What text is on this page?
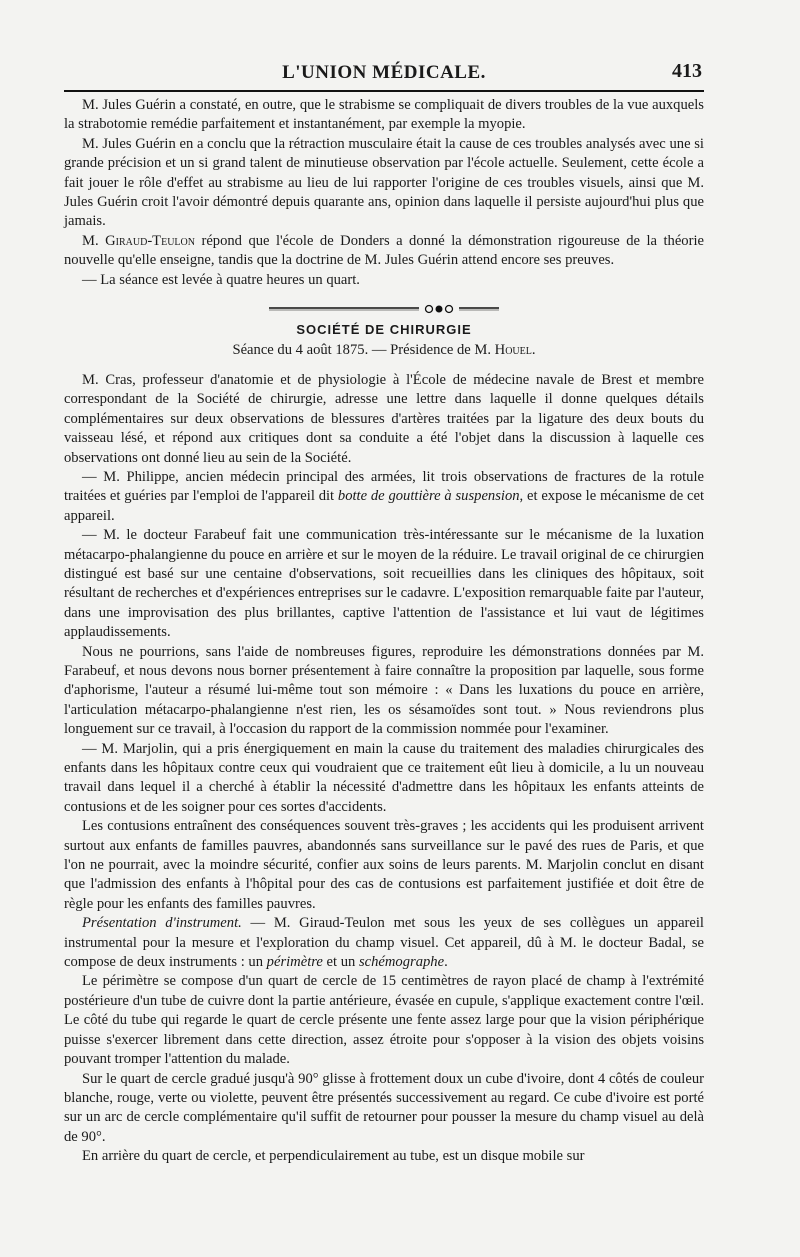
L'UNION MÉDICALE.	413

M. Jules Guérin a constaté, en outre, que le strabisme se compliquait de divers troubles de la vue auxquels la strabotomie remédie parfaitement et instantanément, par exemple la myopie.

M. Jules Guérin en a conclu que la rétraction musculaire était la cause de ces troubles analysés avec une si grande précision et un si grand talent de minutieuse observation par l'école actuelle. Seulement, cette école a fait jouer le rôle d'effet au strabisme au lieu de lui rapporter l'origine de ces troubles visuels, ainsi que M. Jules Guérin croit l'avoir démontré depuis quarante ans, opinion dans laquelle il persiste aujourd'hui plus que jamais.

M. Giraud-Teulon répond que l'école de Donders a donné la démonstration rigoureuse de la théorie nouvelle qu'elle enseigne, tandis que la doctrine de M. Jules Guérin attend encore ses preuves.

— La séance est levée à quatre heures un quart.

SOCIÉTÉ DE CHIRURGIE
Séance du 4 août 1875. — Présidence de M. Houel.

M. Cras, professeur d'anatomie et de physiologie à l'École de médecine navale de Brest et membre correspondant de la Société de chirurgie, adresse une lettre dans laquelle il donne quelques détails complémentaires sur deux observations de blessures d'artères traitées par la ligature des deux bouts du vaisseau lésé, et répond aux critiques dont sa conduite a été l'objet dans la discussion à laquelle ces observations ont donné lieu au sein de la Société.

— M. Philippe, ancien médecin principal des armées, lit trois observations de fractures de la rotule traitées et guéries par l'emploi de l'appareil dit botte de gouttière à suspension, et expose le mécanisme de cet appareil.

— M. le docteur Farabeuf fait une communication très-intéressante sur le mécanisme de la luxation métacarpo-phalangienne du pouce en arrière et sur le moyen de la réduire. Le travail original de ce chirurgien distingué est basé sur une centaine d'observations, soit recueillies dans les cliniques des hôpitaux, soit résultant de recherches et d'expériences entreprises sur le cadavre. L'exposition remarquable faite par l'auteur, dans une improvisation des plus brillantes, captive l'attention de l'assistance et lui vaut de légitimes applaudissements.

Nous ne pourrions, sans l'aide de nombreuses figures, reproduire les démonstrations données par M. Farabeuf, et nous devons nous borner présentement à faire connaître la proposition par laquelle, sous forme d'aphorisme, l'auteur a résumé lui-même tout son mémoire : « Dans les luxations du pouce en arrière, l'articulation métacarpo-phalangienne n'est rien, les os sésamoïdes sont tout. » Nous reviendrons plus longuement sur ce travail, à l'occasion du rapport de la commission nommée pour l'examiner.

— M. Marjolin, qui a pris énergiquement en main la cause du traitement des maladies chirurgicales des enfants dans les hôpitaux contre ceux qui voudraient que ce traitement eût lieu à domicile, a lu un nouveau travail dans lequel il a cherché à établir la nécessité d'admettre dans les hôpitaux les enfants atteints de contusions et de les soigner pour ces sortes d'accidents.

Les contusions entraînent des conséquences souvent très-graves ; les accidents qui les produisent arrivent surtout aux enfants de familles pauvres, abandonnés sans surveillance sur le pavé des rues de Paris, et que l'on ne pourrait, avec la moindre sécurité, confier aux soins de leurs parents. M. Marjolin conclut en disant que l'admission des enfants à l'hôpital pour des cas de contusions est parfaitement justifiée et doit être de règle pour les enfants des familles pauvres.

Présentation d'instrument. — M. Giraud-Teulon met sous les yeux de ses collègues un appareil instrumental pour la mesure et l'exploration du champ visuel. Cet appareil, dû à M. le docteur Badal, se compose de deux instruments : un périmètre et un schémographe.

Le périmètre se compose d'un quart de cercle de 15 centimètres de rayon placé de champ à l'extrémité postérieure d'un tube de cuivre dont la partie antérieure, évasée en cupule, s'applique exactement contre l'œil. Le côté du tube qui regarde le quart de cercle présente une fente assez large pour que la vision périphérique puisse s'exercer librement dans cette direction, assez étroite pour s'opposer à la vision des objets voisins pouvant tromper l'attention du malade.

Sur le quart de cercle gradué jusqu'à 90° glisse à frottement doux un cube d'ivoire, dont 4 côtés de couleur blanche, rouge, verte ou violette, peuvent être présentés successivement au regard. Ce cube d'ivoire est porté sur un arc de cercle complémentaire qu'il suffit de retourner pour pousser la mesure du champ visuel au delà de 90°.

En arrière du quart de cercle, et perpendiculairement au tube, est un disque mobile sur
